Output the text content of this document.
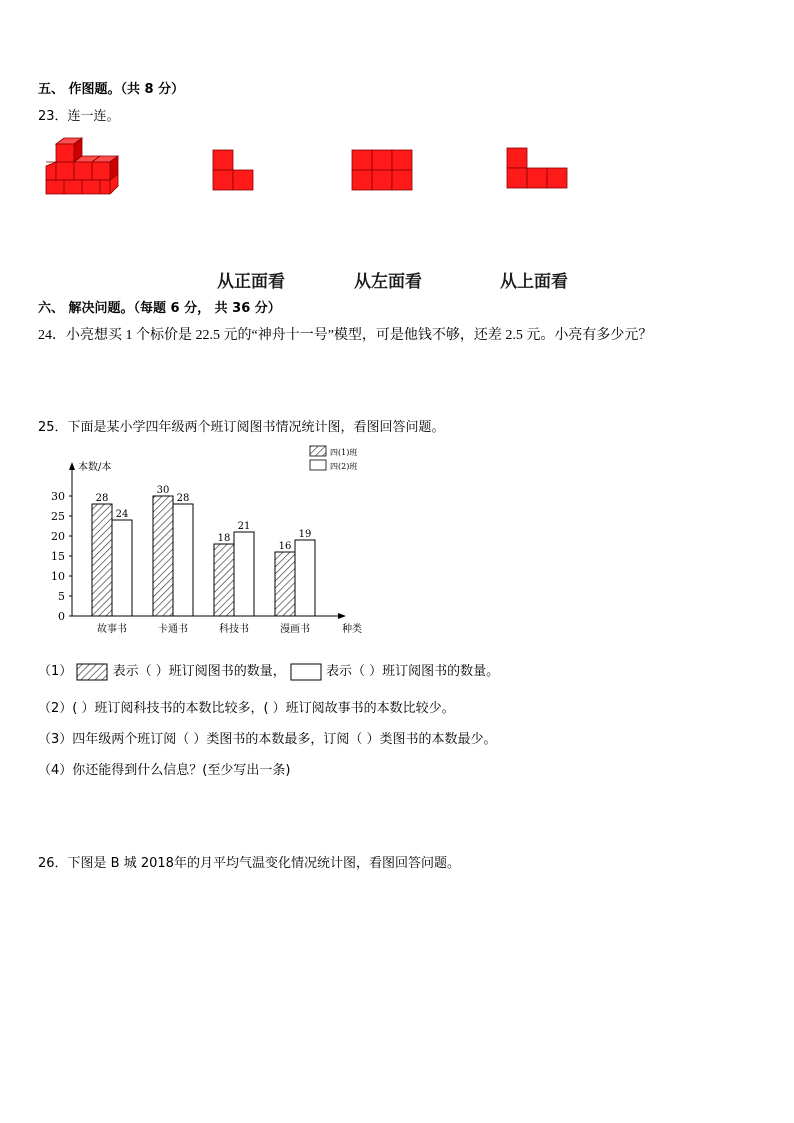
五、 作图题。（共 8 分）
23．连一连。
从正面看	从左面看	从上面看
六、 解决问题。（每题 6 分， 共 36 分）
24．小亮想买 1 个标价是 22.5 元的“神舟十一号”模型，可是他钱不够，还差 2.5 元。小亮有多少元？
25．下面是某小学四年级两个班订阅图书情况统计图，看图回答问题。
本数/本
0
5
10
15
20
25
30	28
24
故事书
30
28
卡通书
18
21
科技书
16
19
漫画书	种类
四(1)班
四(2)班
（1）	表示（ ）班订阅图书的数量，	表示（ ）班订阅图书的数量。
（2）( ）班订阅科技书的本数比较多，( ）班订阅故事书的本数比较少。
（3）四年级两个班订阅（ ）类图书的本数最多，订阅（ ）类图书的本数最少。
（4）你还能得到什么信息？(至少写出一条)
26．下图是 B 城 2018年的月平均气温变化情况统计图，看图回答问题。
